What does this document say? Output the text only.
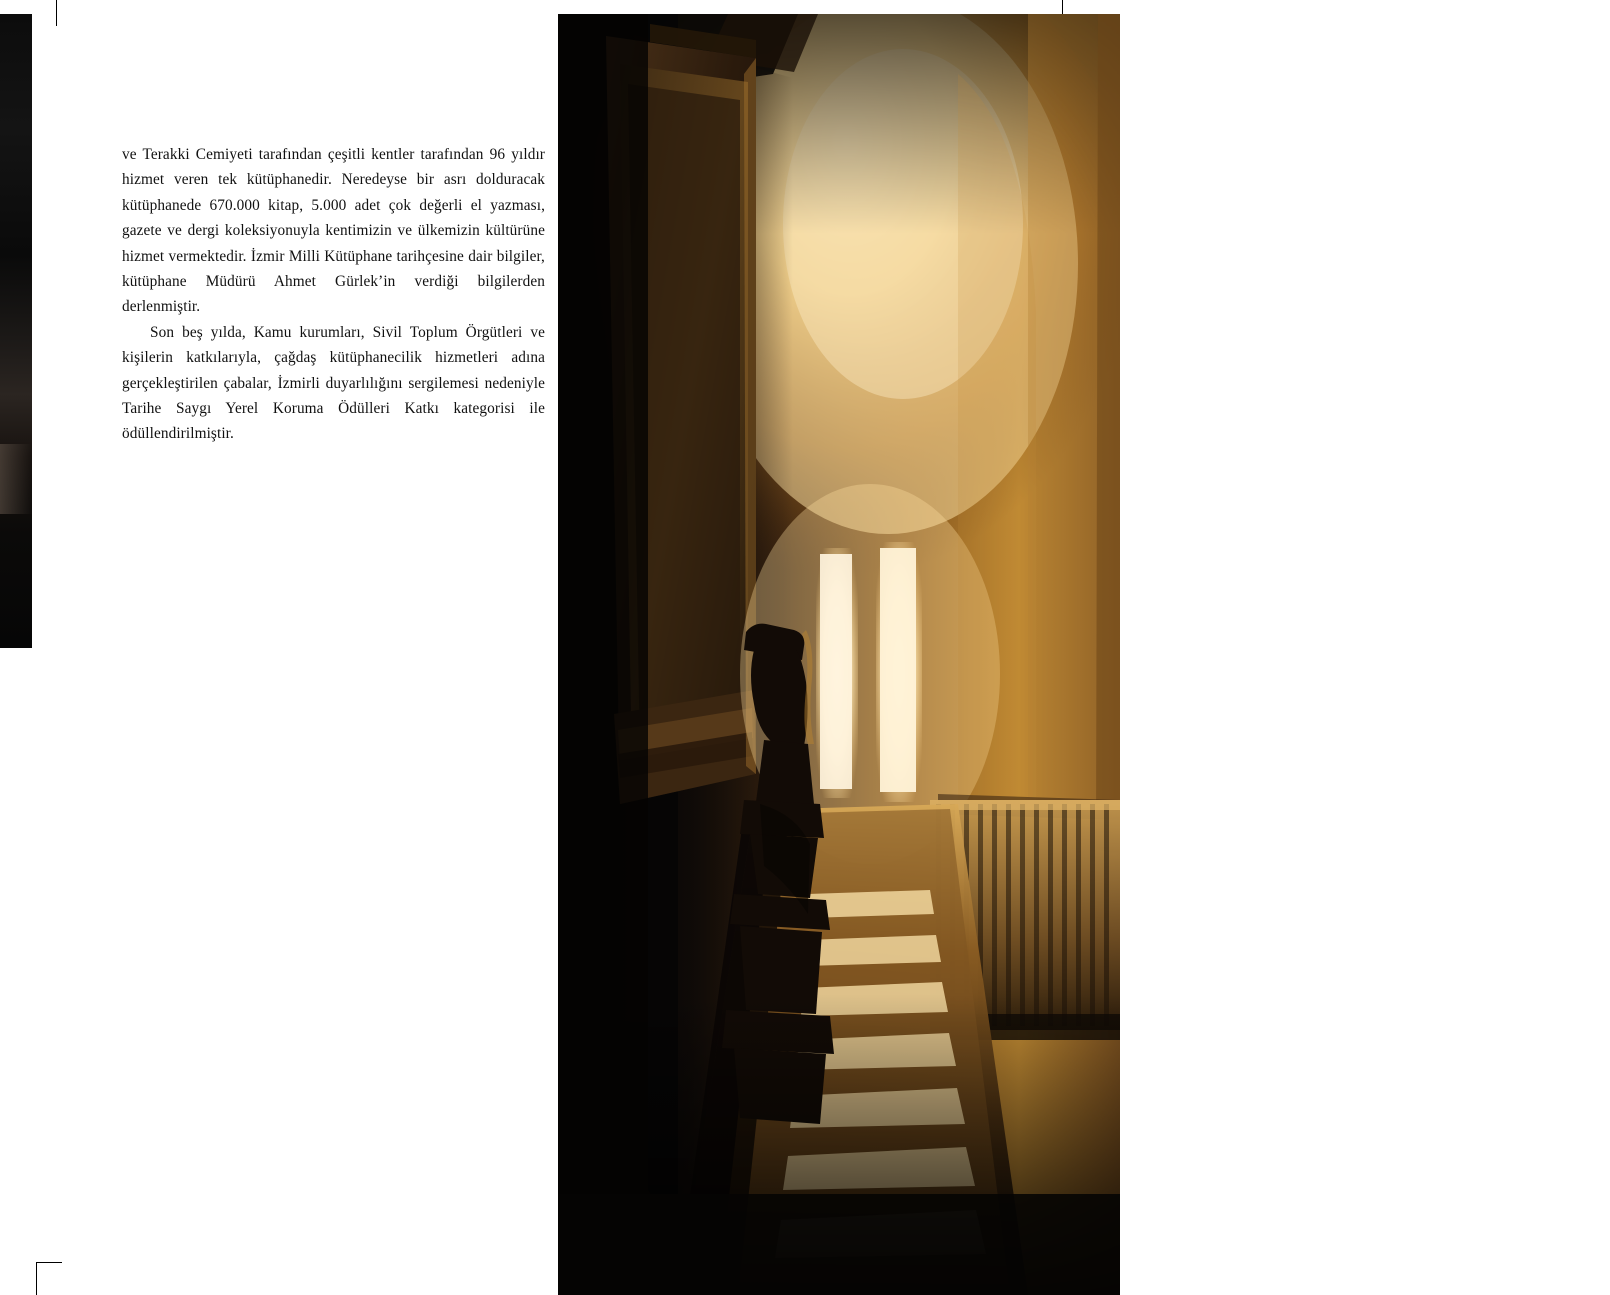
ve Terakki Cemiyeti tarafından çeşitli kentler tarafından 96 yıldır hizmet veren tek kütüphanedir. Neredeyse bir asrı dolduracak kütüphanede 670.000 kitap, 5.000 adet çok değerli el yazması, gazete ve dergi koleksiyonuyla kentimizin ve ülkemizin kültürüne hizmet vermektedir. İzmir Milli Kütüphane tarihçesine dair bilgiler, kütüphane Müdürü Ahmet Gürlek’in verdiği bilgilerden derlenmiştir.

Son beş yılda, Kamu kurumları, Sivil Toplum Örgütleri ve kişilerin katkılarıyla, çağdaş kütüphanecilik hizmetleri adına gerçekleştirilen çabalar, İzmirli duyarlılığını sergilemesi nedeniyle Tarihe Saygı Yerel Koruma Ödülleri Katkı kategorisi ile ödüllendirilmiştir.

165
